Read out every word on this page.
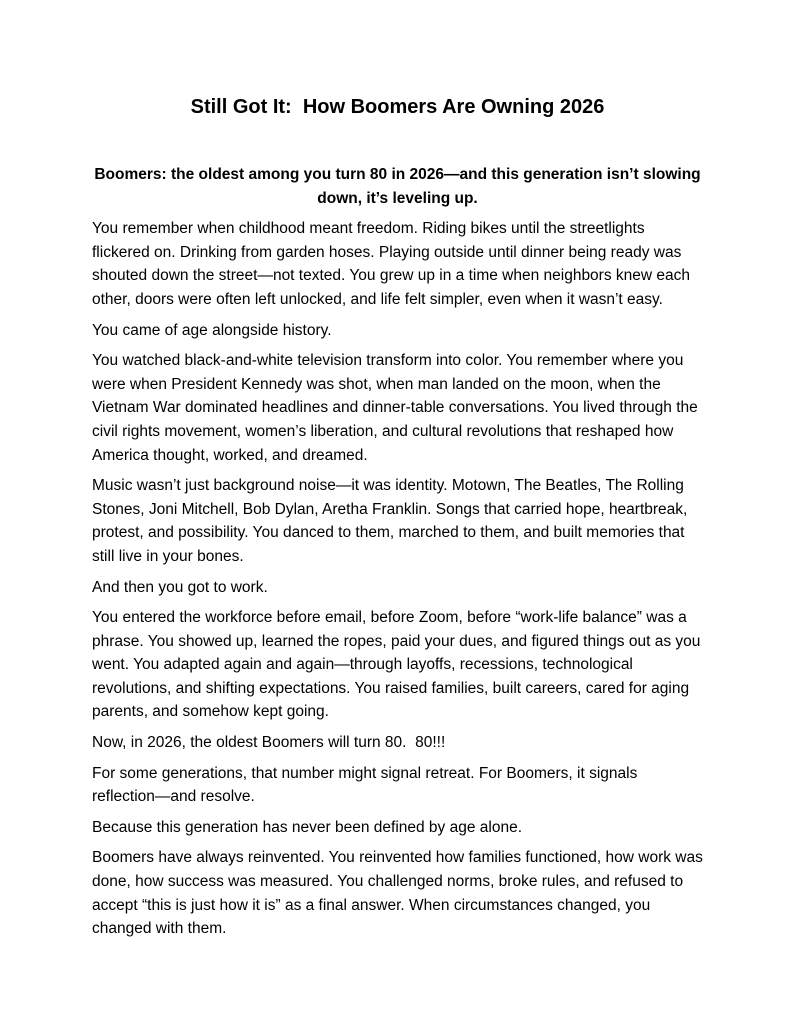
Still Got It:  How Boomers Are Owning 2026
Boomers: the oldest among you turn 80 in 2026—and this generation isn’t slowing down, it’s leveling up.

You remember when childhood meant freedom. Riding bikes until the streetlights flickered on. Drinking from garden hoses. Playing outside until dinner being ready was shouted down the street—not texted. You grew up in a time when neighbors knew each other, doors were often left unlocked, and life felt simpler, even when it wasn’t easy.

You came of age alongside history.

You watched black-and-white television transform into color. You remember where you were when President Kennedy was shot, when man landed on the moon, when the Vietnam War dominated headlines and dinner-table conversations. You lived through the civil rights movement, women’s liberation, and cultural revolutions that reshaped how America thought, worked, and dreamed.

Music wasn’t just background noise—it was identity. Motown, The Beatles, The Rolling Stones, Joni Mitchell, Bob Dylan, Aretha Franklin. Songs that carried hope, heartbreak, protest, and possibility. You danced to them, marched to them, and built memories that still live in your bones.

And then you got to work.

You entered the workforce before email, before Zoom, before “work-life balance” was a phrase. You showed up, learned the ropes, paid your dues, and figured things out as you went. You adapted again and again—through layoffs, recessions, technological revolutions, and shifting expectations. You raised families, built careers, cared for aging parents, and somehow kept going.

Now, in 2026, the oldest Boomers will turn 80.  80!!!

For some generations, that number might signal retreat. For Boomers, it signals reflection—and resolve.

Because this generation has never been defined by age alone.

Boomers have always reinvented. You reinvented how families functioned, how work was done, how success was measured. You challenged norms, broke rules, and refused to accept “this is just how it is” as a final answer. When circumstances changed, you changed with them.
